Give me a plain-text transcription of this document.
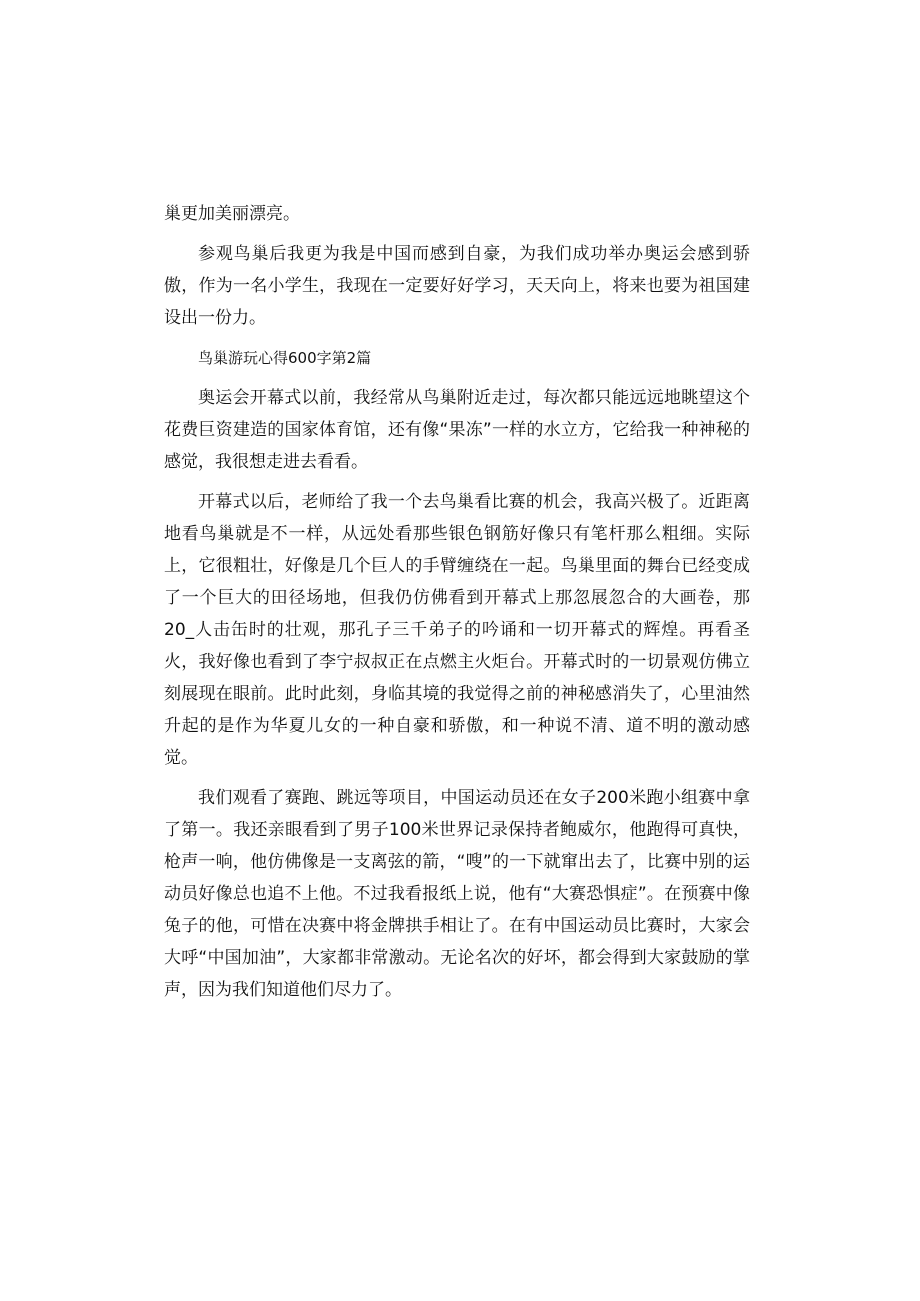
巢更加美丽漂亮。

参观鸟巢后我更为我是中国而感到自豪，为我们成功举办奥运会感到骄傲，作为一名小学生，我现在一定要好好学习，天天向上，将来也要为祖国建设出一份力。

鸟巢游玩心得600字第2篇

奥运会开幕式以前，我经常从鸟巢附近走过，每次都只能远远地眺望这个花费巨资建造的国家体育馆，还有像“果冻”一样的水立方，它给我一种神秘的感觉，我很想走进去看看。

开幕式以后，老师给了我一个去鸟巢看比赛的机会，我高兴极了。近距离地看鸟巢就是不一样，从远处看那些银色钢筋好像只有笔杆那么粗细。实际上，它很粗壮，好像是几个巨人的手臂缠绕在一起。鸟巢里面的舞台已经变成了一个巨大的田径场地，但我仍仿佛看到开幕式上那忽展忽合的大画卷，那20_人击缶时的壮观，那孔子三千弟子的吟诵和一切开幕式的辉煌。再看圣火，我好像也看到了李宁叔叔正在点燃主火炬台。开幕式时的一切景观仿佛立刻展现在眼前。此时此刻，身临其境的我觉得之前的神秘感消失了，心里油然升起的是作为华夏儿女的一种自豪和骄傲，和一种说不清、道不明的激动感觉。

我们观看了赛跑、跳远等项目，中国运动员还在女子200米跑小组赛中拿了第一。我还亲眼看到了男子100米世界记录保持者鲍威尔，他跑得可真快，枪声一响，他仿佛像是一支离弦的箭，“嗖”的一下就窜出去了，比赛中别的运动员好像总也追不上他。不过我看报纸上说，他有“大赛恐惧症”。在预赛中像兔子的他，可惜在决赛中将金牌拱手相让了。在有中国运动员比赛时，大家会大呼“中国加油”，大家都非常激动。无论名次的好坏，都会得到大家鼓励的掌声，因为我们知道他们尽力了。
